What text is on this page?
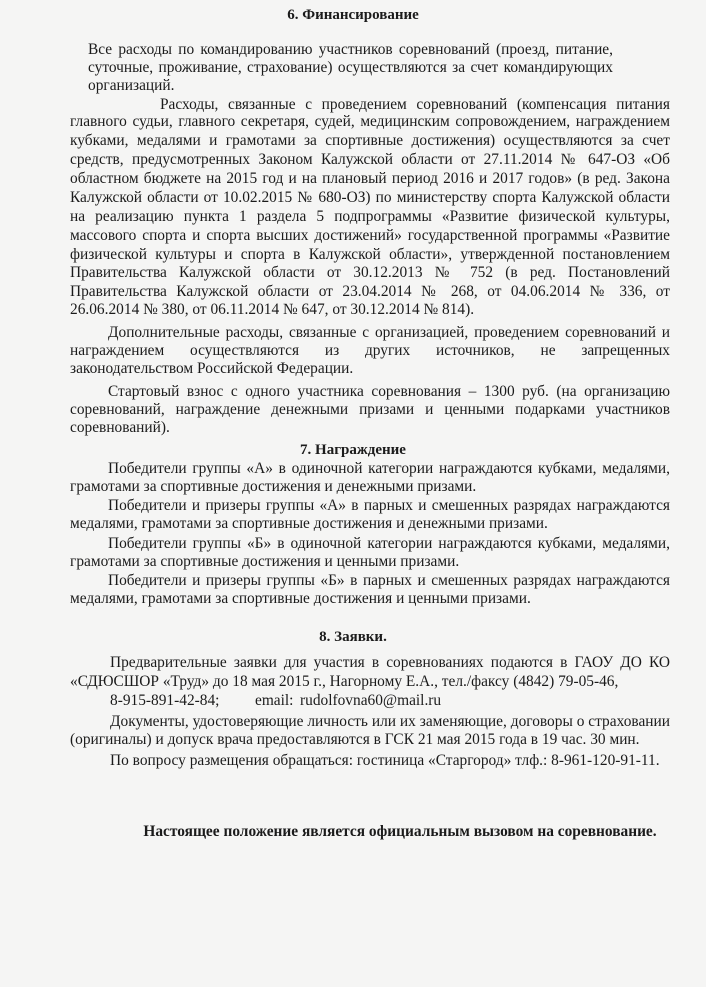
6. Финансирование

Все расходы по командированию участников соревнований (проезд, питание,

суточные, проживание, страхование) осуществляются за счет командирующих

организаций.

Расходы, связанные с проведением соревнований (компенсация питания

главного судьи, главного секретаря, судей, медицинским сопровождением, награждением

кубками, медалями и грамотами за спортивные достижения) осуществляются за счет

средств, предусмотренных Законом Калужской области от 27.11.2014 № 647-ОЗ «Об

областном бюджете на 2015 год и на плановый период 2016 и 2017 годов» (в ред. Закона

Калужской области от 10.02.2015 № 680-ОЗ) по министерству спорта Калужской области

на реализацию пункта 1 раздела 5 подпрограммы «Развитие физической культуры,

массового спорта и спорта высших достижений» государственной программы «Развитие

физической культуры и спорта в Калужской области», утвержденной постановлением

Правительства Калужской области от 30.12.2013 № 752 (в ред. Постановлений

Правительства Калужской области от 23.04.2014 № 268, от 04.06.2014 № 336, от

26.06.2014 № 380, от 06.11.2014 № 647, от 30.12.2014 № 814).

Дополнительные расходы, связанные с организацией, проведением соревнований и

награждением осуществляются из других источников, не запрещенных

законодательством Российской Федерации.

Стартовый взнос с одного участника соревнования – 1300 руб. (на организацию

соревнований, награждение денежными призами и ценными подарками участников

соревнований).

7. Награждение

Победители группы «А» в одиночной категории награждаются кубками, медалями,

грамотами за спортивные достижения и денежными призами.

Победители и призеры группы «А» в парных и смешенных разрядах награждаются

медалями, грамотами за спортивные достижения и денежными призами.

Победители группы «Б» в одиночной категории награждаются кубками, медалями,

грамотами за спортивные достижения и ценными призами.

Победители и призеры группы «Б» в парных и смешенных разрядах награждаются

медалями, грамотами за спортивные достижения и ценными призами.

8. Заявки.

Предварительные заявки для участия в соревнованиях подаются в ГАОУ ДО КО

«СДЮСШОР «Труд» до 18 мая 2015 г., Нагорному Е.А., тел./факсу (4842) 79-05-46,

8-915-891-42-84; email: rudolfovna60@mail.ru

Документы, удостоверяющие личность или их заменяющие, договоры о страховании

(оригиналы) и допуск врача предоставляются в ГСК 21 мая 2015 года в 19 час. 30 мин.

По вопросу размещения обращаться: гостиница «Старгород» тлф.: 8-961-120-91-11.

Настоящее положение является официальным вызовом на соревнование.
